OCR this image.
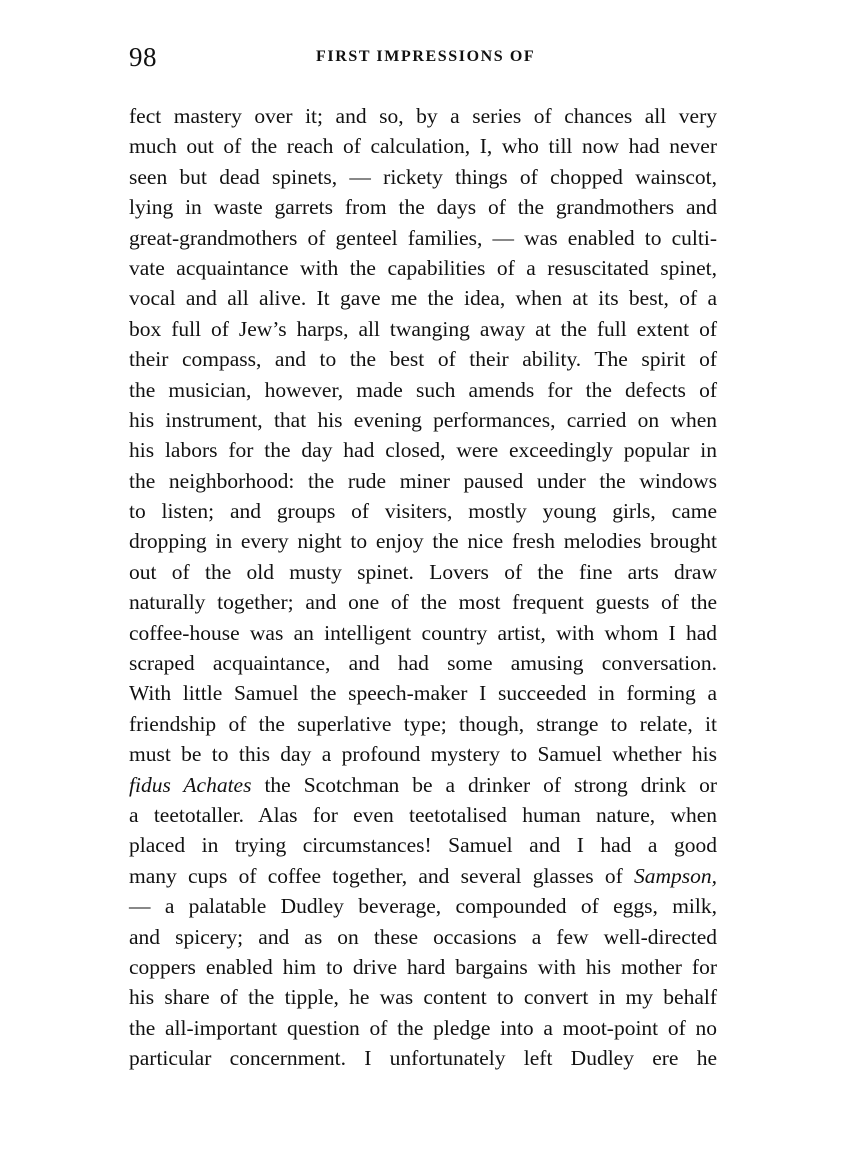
98	FIRST IMPRESSIONS OF
fect mastery over it; and so, by a series of chances all very
much out of the reach of calculation, I, who till now had never
seen but dead spinets, — rickety things of chopped wainscot,
lying in waste garrets from the days of the grandmothers and
great-grandmothers of genteel families, — was enabled to culti-
vate acquaintance with the capabilities of a resuscitated spinet,
vocal and all alive. It gave me the idea, when at its best, of a
box full of Jew’s harps, all twanging away at the full extent of
their compass, and to the best of their ability. The spirit of
the musician, however, made such amends for the defects of
his instrument, that his evening performances, carried on when
his labors for the day had closed, were exceedingly popular in
the neighborhood: the rude miner paused under the windows
to listen; and groups of visiters, mostly young girls, came
dropping in every night to enjoy the nice fresh melodies brought
out of the old musty spinet. Lovers of the fine arts draw
naturally together; and one of the most frequent guests of the
coffee-house was an intelligent country artist, with whom I had
scraped acquaintance, and had some amusing conversation.
With little Samuel the speech-maker I succeeded in forming a
friendship of the superlative type; though, strange to relate, it
must be to this day a profound mystery to Samuel whether his
fidus Achates the Scotchman be a drinker of strong drink or
a teetotaller. Alas for even teetotalised human nature, when
placed in trying circumstances! Samuel and I had a good
many cups of coffee together, and several glasses of Sampson,
— a palatable Dudley beverage, compounded of eggs, milk,
and spicery; and as on these occasions a few well-directed
coppers enabled him to drive hard bargains with his mother for
his share of the tipple, he was content to convert in my behalf
the all-important question of the pledge into a moot-point of no
particular concernment. I unfortunately left Dudley ere he
